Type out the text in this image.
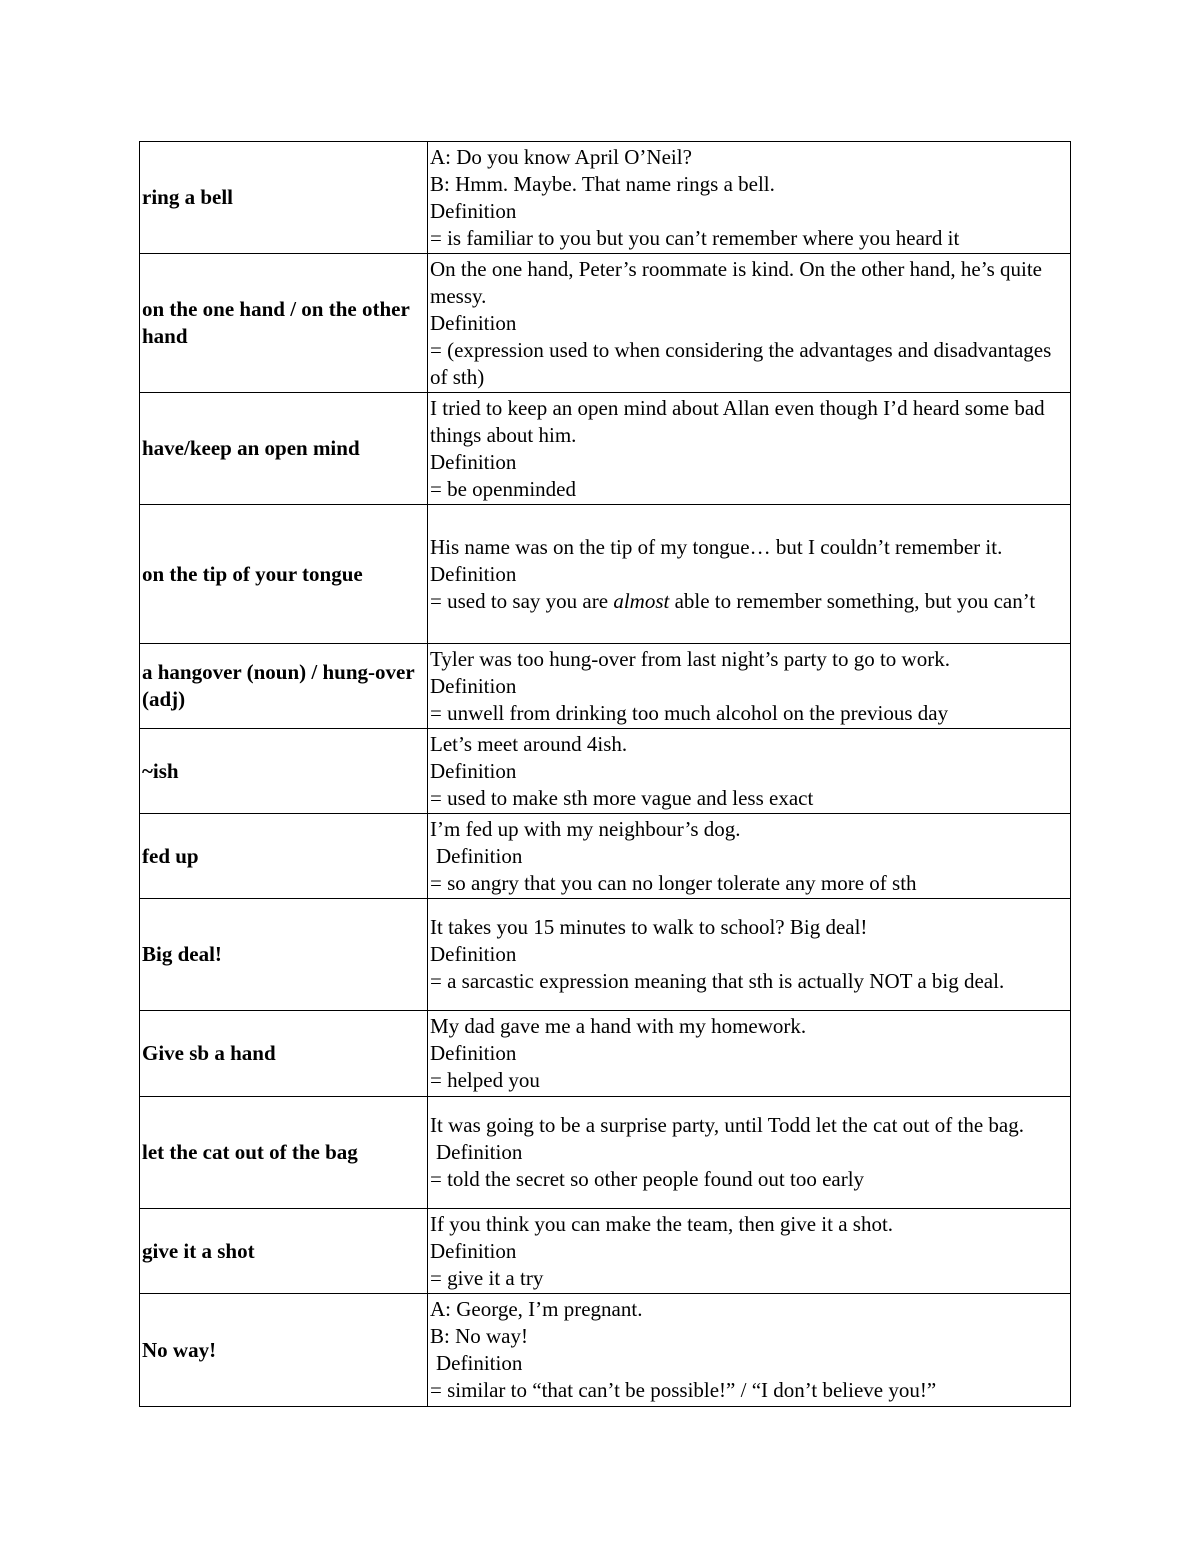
ring a bell	A: Do you know April O’Neil?
B: Hmm. Maybe. That name rings a bell.
Definition
= is familiar to you but you can’t remember where you heard it

on the one hand / on the other hand	On the one hand, Peter’s roommate is kind. On the other hand, he’s quite messy.
Definition
= (expression used to when considering the advantages and disadvantages of sth)

have/keep an open mind	I tried to keep an open mind about Allan even though I’d heard some bad things about him.
Definition
= be openminded

on the tip of your tongue	His name was on the tip of my tongue… but I couldn’t remember it.
Definition
= used to say you are almost able to remember something, but you can’t

a hangover (noun) / hung-over (adj)	Tyler was too hung-over from last night’s party to go to work.
Definition
= unwell from drinking too much alcohol on the previous day

~ish	Let’s meet around 4ish.
Definition
= used to make sth more vague and less exact

fed up	I’m fed up with my neighbour’s dog.
Definition
= so angry that you can no longer tolerate any more of sth

Big deal!	It takes you 15 minutes to walk to school? Big deal!
Definition
= a sarcastic expression meaning that sth is actually NOT a big deal.

Give sb a hand	My dad gave me a hand with my homework.
Definition
= helped you

let the cat out of the bag	It was going to be a surprise party, until Todd let the cat out of the bag.
Definition
= told the secret so other people found out too early

give it a shot	If you think you can make the team, then give it a shot.
Definition
= give it a try

No way!	A: George, I’m pregnant.
B: No way!
Definition
= similar to “that can’t be possible!” / “I don’t believe you!”
